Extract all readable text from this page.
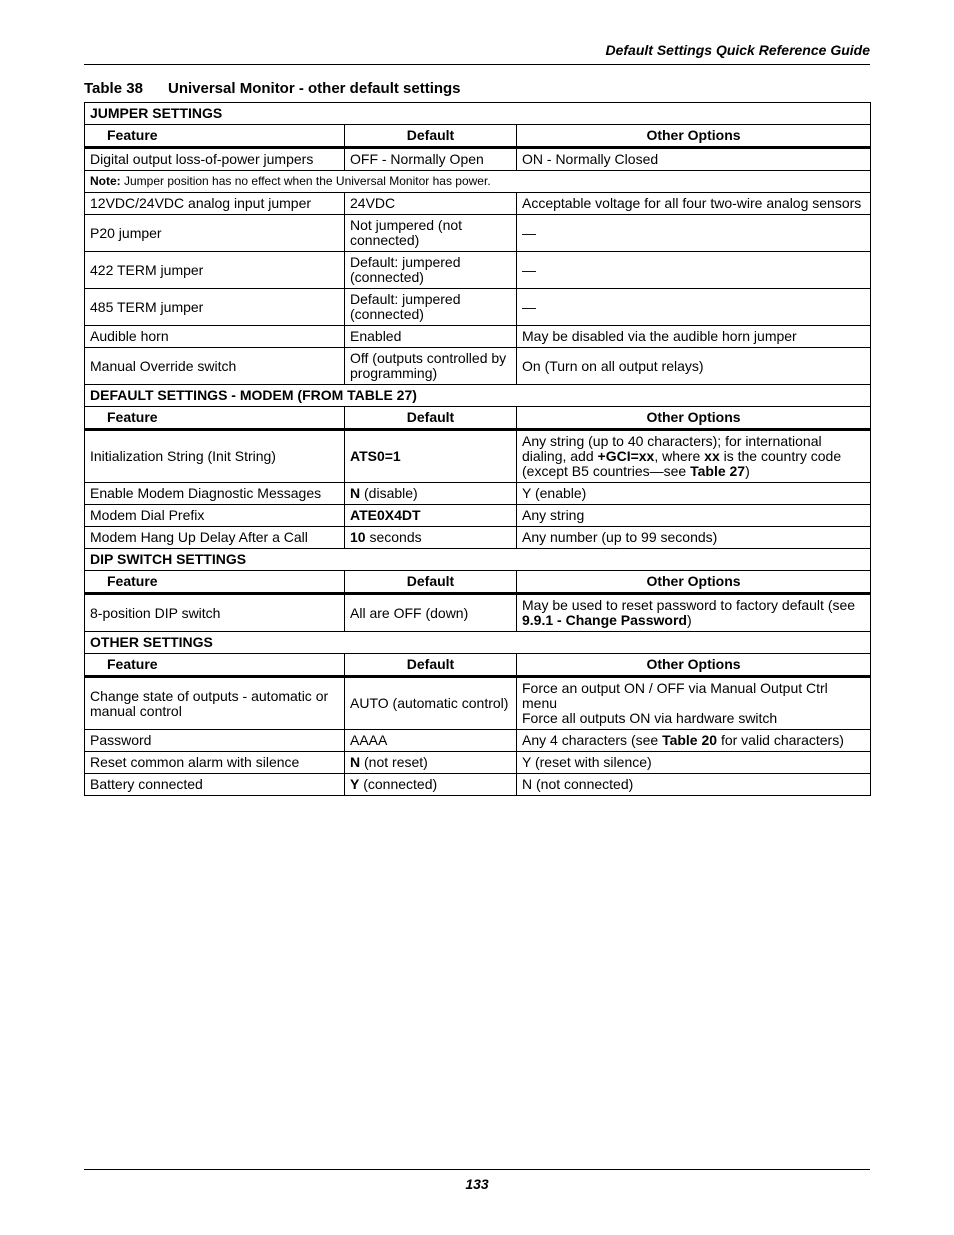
Default Settings Quick Reference Guide
Table 38 Universal Monitor - other default settings
JUMPER SETTINGS		
Feature	Default	Other Options
Digital output loss-of-power jumpers	OFF - Normally Open	ON - Normally Closed
Note: Jumper position has no effect when the Universal Monitor has power.		
12VDC/24VDC analog input jumper	24VDC	Acceptable voltage for all four two-wire analog sensors
P20 jumper	Not jumpered (not connected)	—
422 TERM jumper	Default: jumpered (connected)	—
485 TERM jumper	Default: jumpered (connected)	—
Audible horn	Enabled	May be disabled via the audible horn jumper
Manual Override switch	Off (outputs controlled by programming)	On (Turn on all output relays)
DEFAULT SETTINGS - MODEM (FROM TABLE 27)		
Feature	Default	Other Options
Initialization String (Init String)	ATS0=1	Any string (up to 40 characters); for international dialing, add +GCI=xx, where xx is the country code (except B5 countries—see Table 27)
Enable Modem Diagnostic Messages	N (disable)	Y (enable)
Modem Dial Prefix	ATE0X4DT	Any string
Modem Hang Up Delay After a Call	10 seconds	Any number (up to 99 seconds)
DIP SWITCH SETTINGS		
Feature	Default	Other Options
8-position DIP switch	All are OFF (down)	May be used to reset password to factory default (see 9.9.1 - Change Password)
OTHER SETTINGS		
Feature	Default	Other Options
Change state of outputs - automatic or manual control	AUTO (automatic control)	Force an output ON / OFF via Manual Output Ctrl menu
Force all outputs ON via hardware switch

Password	AAAA	Any 4 characters (see Table 20 for valid characters)
Reset common alarm with silence	N (not reset)	Y (reset with silence)
Battery connected	Y (connected)	N (not connected)
133
